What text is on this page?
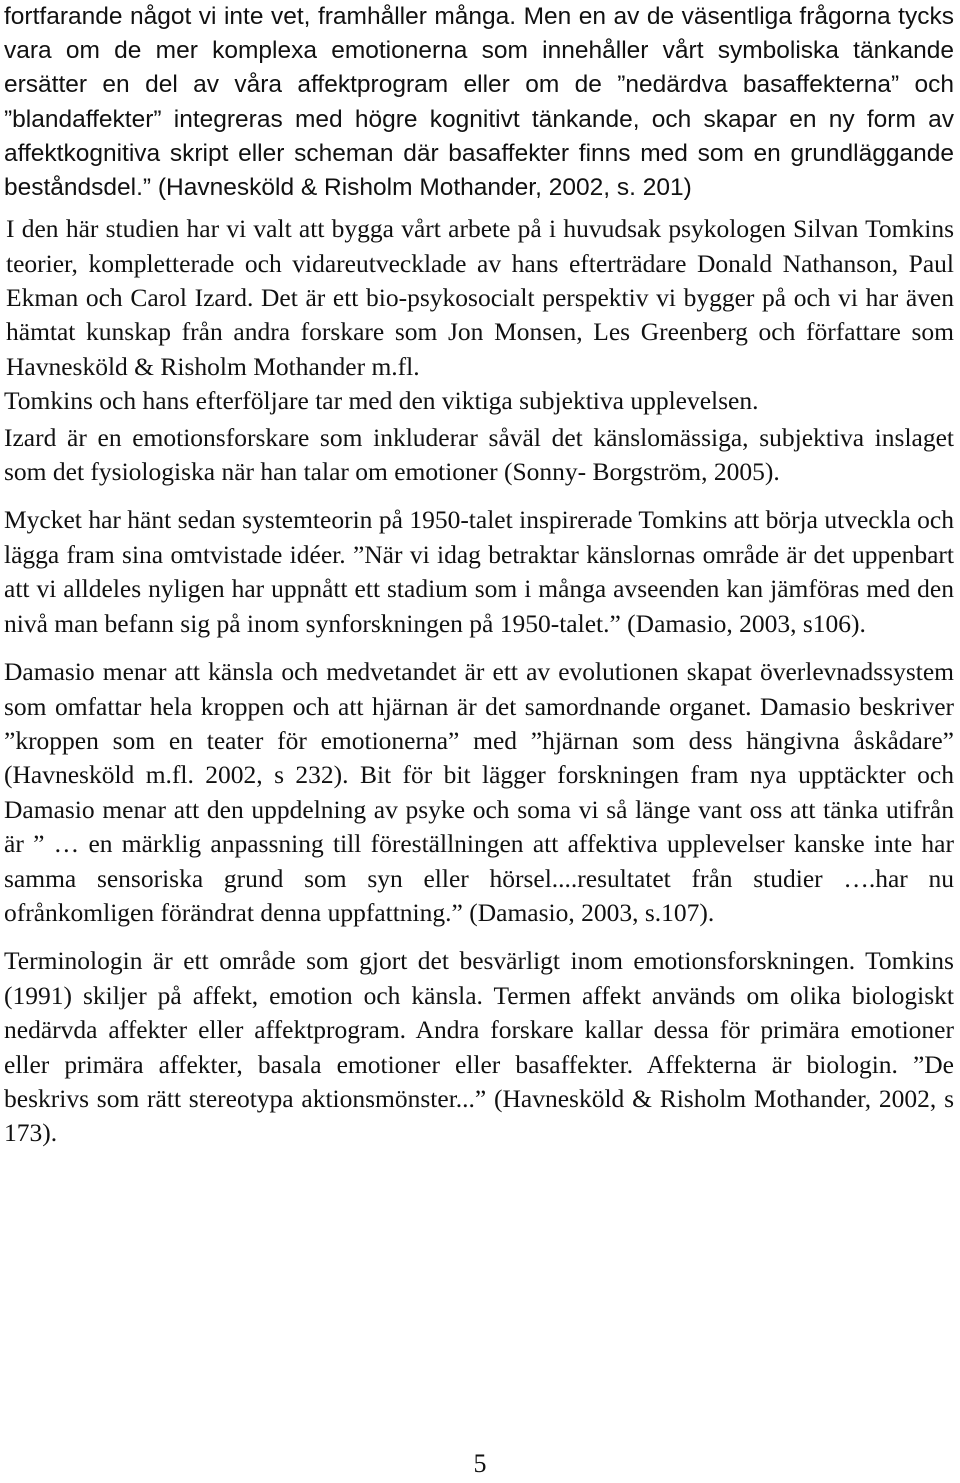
fortfarande något vi inte vet, framhåller många. Men en av de väsentliga frågorna tycks vara om de mer komplexa emotionerna som innehåller vårt symboliska tänkande ersätter en del av våra affektprogram eller om de ”nedärdva basaffekterna” och ”blandaffekter” integreras med högre kognitivt tänkande, och skapar en ny form av affektkognitiva skript eller scheman där basaffekter finns med som en grundläggande beståndsdel.” (Havnesköld & Risholm Mothander, 2002, s. 201)

I den här studien har vi valt att bygga vårt arbete på i huvudsak psykologen Silvan Tomkins teorier, kompletterade och vidareutvecklade av hans efterträdare Donald Nathanson, Paul Ekman och Carol Izard. Det är ett bio-psykosocialt perspektiv vi bygger på och vi har även hämtat kunskap från andra forskare som Jon Monsen, Les Greenberg och författare som Havnesköld & Risholm Mothander m.fl.

Tomkins och hans efterföljare tar med den viktiga subjektiva upplevelsen.

Izard är en emotionsforskare som inkluderar såväl det känslomässiga, subjektiva inslaget som det fysiologiska när han talar om emotioner (Sonny- Borgström, 2005).

Mycket har hänt sedan systemteorin på 1950-talet inspirerade Tomkins att börja utveckla och lägga fram sina omtvistade idéer. ”När vi idag betraktar känslornas område är det uppenbart att vi alldeles nyligen har uppnått ett stadium som i många avseenden kan jämföras med den nivå man befann sig på inom synforskningen på 1950-talet.” (Damasio, 2003, s106).

Damasio menar att känsla och medvetandet är ett av evolutionen skapat överlevnadssystem som omfattar hela kroppen och att hjärnan är det samordnande organet. Damasio beskriver ”kroppen som en teater för emotionerna” med ”hjärnan som dess hängivna åskådare” (Havnesköld m.fl. 2002, s 232). Bit för bit lägger forskningen fram nya upptäckter och Damasio menar att den uppdelning av psyke och soma vi så länge vant oss att tänka utifrån är ” … en märklig anpassning till föreställningen att affektiva upplevelser kanske inte har samma sensoriska grund som syn eller hörsel....resultatet från studier ….har nu ofrånkomligen förändrat denna uppfattning.” (Damasio, 2003, s.107).

Terminologin är ett område som gjort det besvärligt inom emotionsforskningen. Tomkins (1991) skiljer på affekt, emotion och känsla. Termen affekt används om olika biologiskt nedärvda affekter eller affektprogram. Andra forskare kallar dessa för primära emotioner eller primära affekter, basala emotioner eller basaffekter. Affekterna är biologin. ”De beskrivs som rätt stereotypa aktionsmönster...” (Havnesköld & Risholm Mothander, 2002, s 173).

5
